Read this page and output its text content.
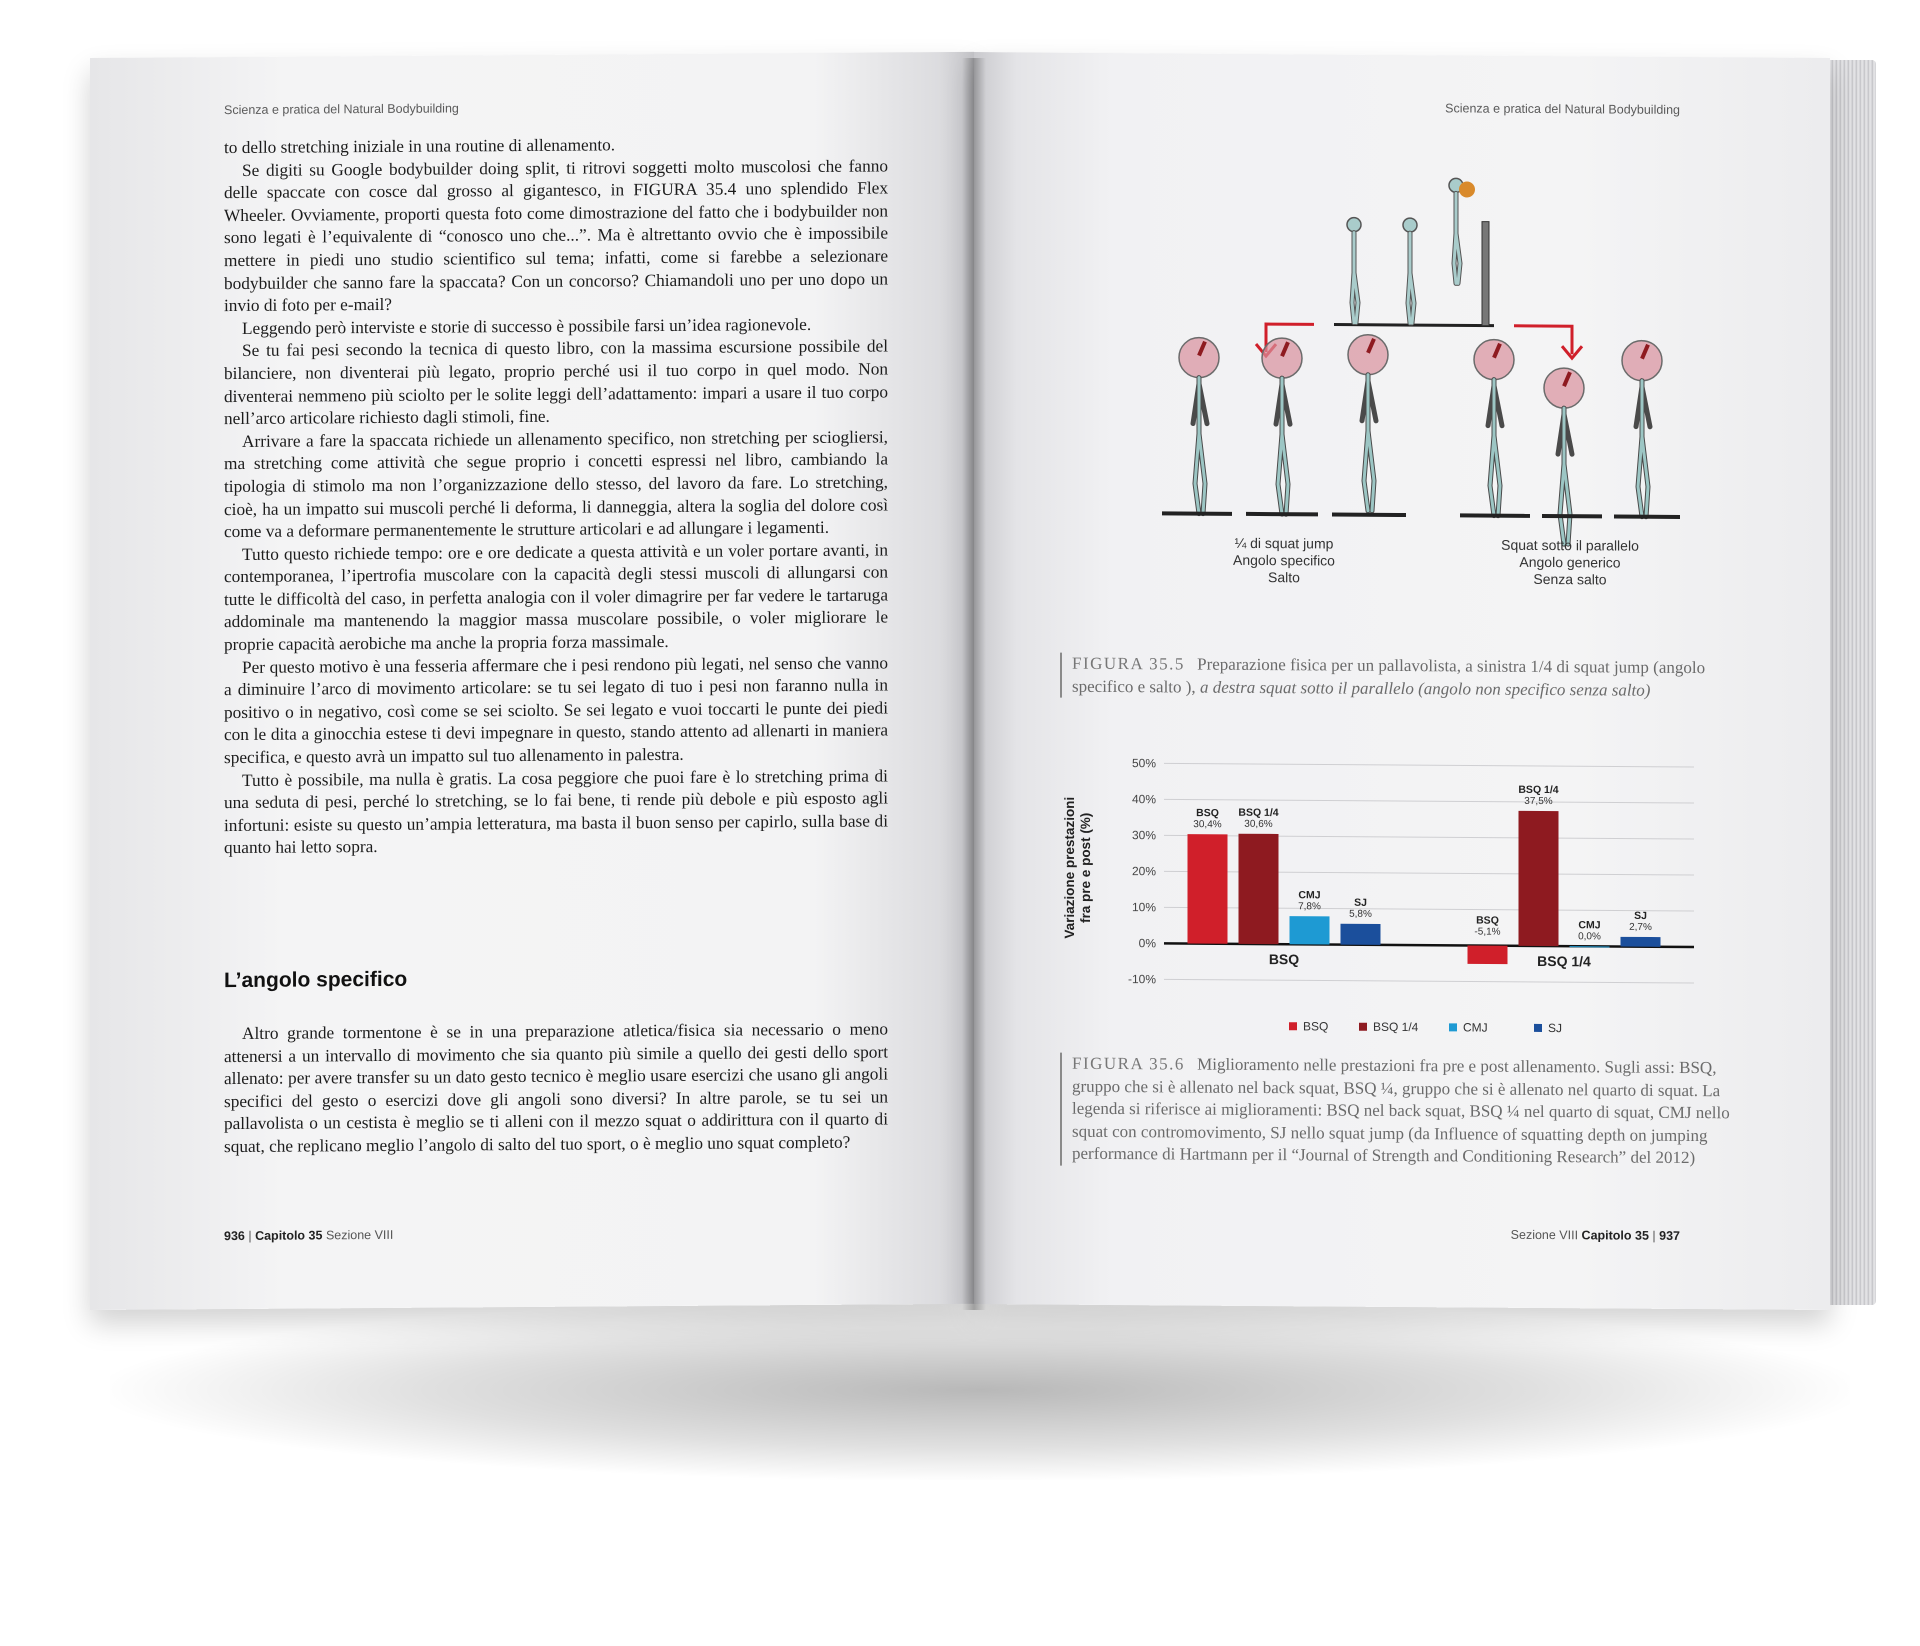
Scienza e pratica del Natural Bodybuilding

to dello stretching iniziale in una routine di allenamento.

Se digiti su Google bodybuilder doing split, ti ritrovi soggetti molto muscolosi che fanno delle spaccate con cosce dal grosso al gigantesco, in FIGURA 35.4 uno splendido Flex Wheeler. Ovviamente, proporti questa foto come dimostrazione del fatto che i bodybuilder non sono legati è l’equivalente di “conosco uno che...”. Ma è altrettanto ovvio che è impossibile mettere in piedi uno studio scientifico sul tema; infatti, come si farebbe a selezionare bodybuilder che sanno fare la spaccata? Con un concorso? Chiamandoli uno per uno dopo un invio di foto per e-mail?

Leggendo però interviste e storie di successo è possibile farsi un’idea ragionevole.

Se tu fai pesi secondo la tecnica di questo libro, con la massima escursione possibile del bilanciere, non diventerai più legato, proprio perché usi il tuo corpo in quel modo. Non diventerai nemmeno più sciolto per le solite leggi dell’adattamento: impari a usare il tuo corpo nell’arco articolare richiesto dagli stimoli, fine.

Arrivare a fare la spaccata richiede un allenamento specifico, non stretching per sciogliersi, ma stretching come attività che segue proprio i concetti espressi nel libro, cambiando la tipologia di stimolo ma non l’organizzazione dello stesso, del lavoro da fare. Lo stretching, cioè, ha un impatto sui muscoli perché li deforma, li danneggia, altera la soglia del dolore così come va a deformare permanentemente le strutture articolari e ad allungare i legamenti.

Tutto questo richiede tempo: ore e ore dedicate a questa attività e un voler portare avanti, in contemporanea, l’ipertrofia muscolare con la capacità degli stessi muscoli di allungarsi con tutte le difficoltà del caso, in perfetta analogia con il voler dimagrire per far vedere le tartaruga addominale ma mantenendo la maggior massa muscolare possibile, o voler migliorare le proprie capacità aerobiche ma anche la propria forza massimale.

Per questo motivo è una fesseria affermare che i pesi rendono più legati, nel senso che vanno a diminuire l’arco di movimento articolare: se tu sei legato di tuo i pesi non faranno nulla in positivo o in negativo, così come se sei sciolto. Se sei legato e vuoi toccarti le punte dei piedi con le dita a ginocchia estese ti devi impegnare in questo, stando attento ad allenarti in maniera specifica, e questo avrà un impatto sul tuo allenamento in palestra.

Tutto è possibile, ma nulla è gratis. La cosa peggiore che puoi fare è lo stretching prima di una seduta di pesi, perché lo stretching, se lo fai bene, ti rende più debole e più esposto agli infortuni: esiste su questo un’ampia letteratura, ma basta il buon senso per capirlo, sulla base di quanto hai letto sopra.

L’angolo specifico

Altro grande tormentone è se in una preparazione atletica/fisica sia necessario o meno attenersi a un intervallo di movimento che sia quanto più simile a quello dei gesti dello sport allenato: per avere transfer su un dato gesto tecnico è meglio usare esercizi che usano gli angoli specifici del gesto o esercizi dove gli angoli sono diversi? In altre parole, se tu sei un pallavolista o un cestista è meglio se ti alleni con il mezzo squat o addirittura con il quarto di squat, che replicano meglio l’angolo di salto del tuo sport, o è meglio uno squat completo?

936 | Capitolo 35 Sezione VIII
Scienza e pratica del Natural Bodybuilding
¼ di squat jump
Angolo specifico
Salto
Squat sotto il parallelo
Angolo generico
Senza salto
FIGURA 35.5 Preparazione fisica per un pallavolista, a sinistra 1/4 di squat jump (angolo specifico e salto ), a destra squat sotto il parallelo (angolo non specifico senza salto)
-10%
0%
10%
20%
30%
40%
50%
Variazione prestazioni fra pre e post (%)	BSQ
30,4%
BSQ 1/4
30,6%
CMJ
7,8%	SJ
5,8%
BSQ
BSQ
-5,1%
BSQ 1/4
37,5%
CMJ
0,0%
SJ
2,7%
BSQ 1/4
BSQ	BSQ 1/4	CMJ	SJ
FIGURA 35.6 Miglioramento nelle prestazioni fra pre e post allenamento. Sugli assi: BSQ, gruppo che si è allenato nel back squat, BSQ ¼, gruppo che si è allenato nel quarto di squat. La legenda si riferisce ai miglioramenti: BSQ nel back squat, BSQ ¼ nel quarto di squat, CMJ nello squat con contromovimento, SJ nello squat jump (da Influence of squatting depth on jumping performance di Hartmann per il “Journal of Strength and Conditioning Research” del 2012)
Sezione VIII Capitolo 35 | 937
